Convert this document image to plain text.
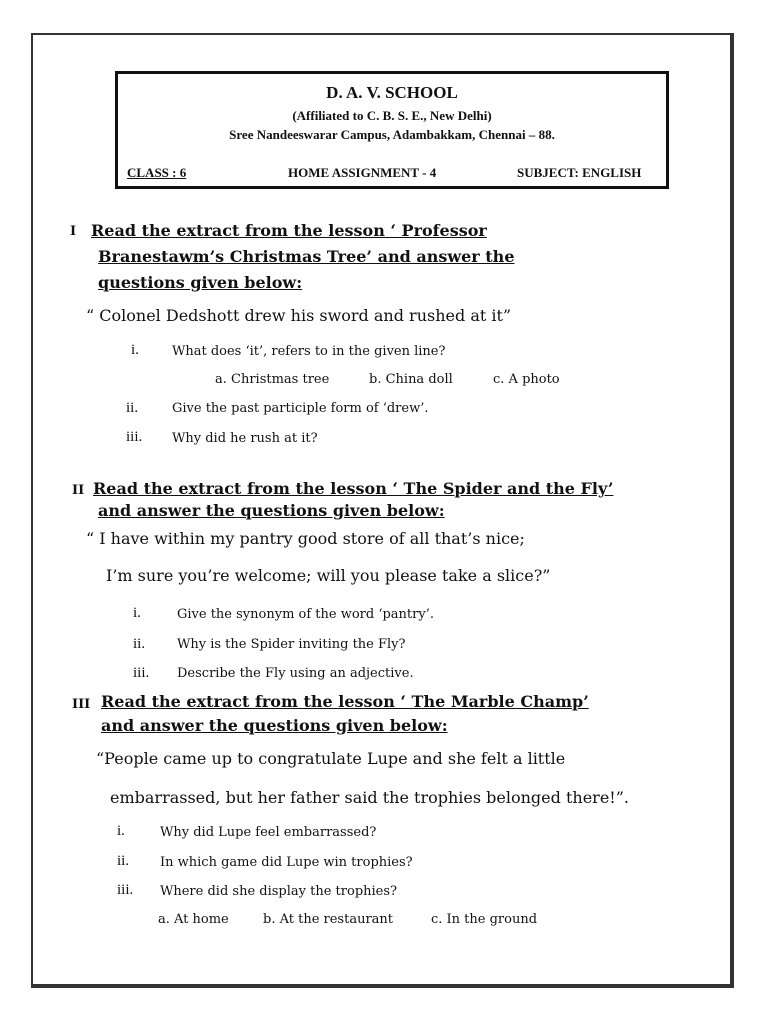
D. A. V. SCHOOL
(Affiliated to C. B. S. E., New Delhi)
Sree Nandeeswarar Campus, Adambakkam, Chennai – 88.
CLASS : 6	HOME ASSIGNMENT - 4	SUBJECT: ENGLISH
I Read the extract from the lesson ‘ Professor
Branestawm’s Christmas Tree’ and answer the
questions given below:
“ Colonel Dedshott drew his sword and rushed at it”
i.	What does ‘it’, refers to in the given line?
a. Christmas tree	b. China doll	c. A photo
ii.	Give the past participle form of ‘drew’.
iii. Why did he rush at it?
II Read the extract from the lesson ‘ The Spider and the Fly’
and answer the questions given below:
“ I have within my pantry good store of all that’s nice;
I’m sure you’re welcome; will you please take a slice?”
i.	Give the synonym of the word ‘pantry’.
ii. Why is the Spider inviting the Fly?
iii. Describe the Fly using an adjective.
III Read the extract from the lesson ‘ The Marble Champ’
and answer the questions given below:
“People came up to congratulate Lupe and she felt a little
embarrassed, but her father said the trophies belonged there!”.
i.	Why did Lupe feel embarrassed?
ii. In which game did Lupe win trophies?
iii. Where did she display the trophies?
a. At home	b. At the restaurant	c. In the ground
